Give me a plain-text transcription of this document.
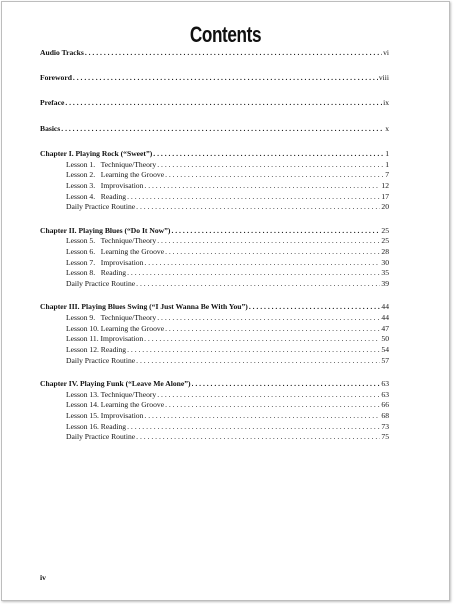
Contents
Audio Tracks . . .	vi
Foreword . . .	viii
Preface . . .	ix
Basics . . .	x
Chapter I. Playing Rock (“Sweet”) . . .	1
Lesson 1.   Technique/Theory . . .	1
Lesson 2.   Learning the Groove . . .	7
Lesson 3.   Improvisation . . .	12
Lesson 4.   Reading . . .	17
Daily Practice Routine . . .	20
Chapter II. Playing Blues (“Do It Now”) . . .	25
Lesson 5.   Technique/Theory . . .	25
Lesson 6.   Learning the Groove . . .	28
Lesson 7.   Improvisation . . .	30
Lesson 8.   Reading . . .	35
Daily Practice Routine . . .	39
Chapter III. Playing Blues Swing (“I Just Wanna Be With You”) . . .	44
Lesson 9.   Technique/Theory . . .	44
Lesson 10. Learning the Groove . . .	47
Lesson 11. Improvisation . . .	50
Lesson 12. Reading . . .	54
Daily Practice Routine . . .	57
Chapter IV. Playing Funk (“Leave Me Alone”) . . .	63
Lesson 13. Technique/Theory . . .	63
Lesson 14. Learning the Groove . . .	66
Lesson 15. Improvisation . . .	68
Lesson 16. Reading . . .	73
Daily Practice Routine . . .	75
iv
